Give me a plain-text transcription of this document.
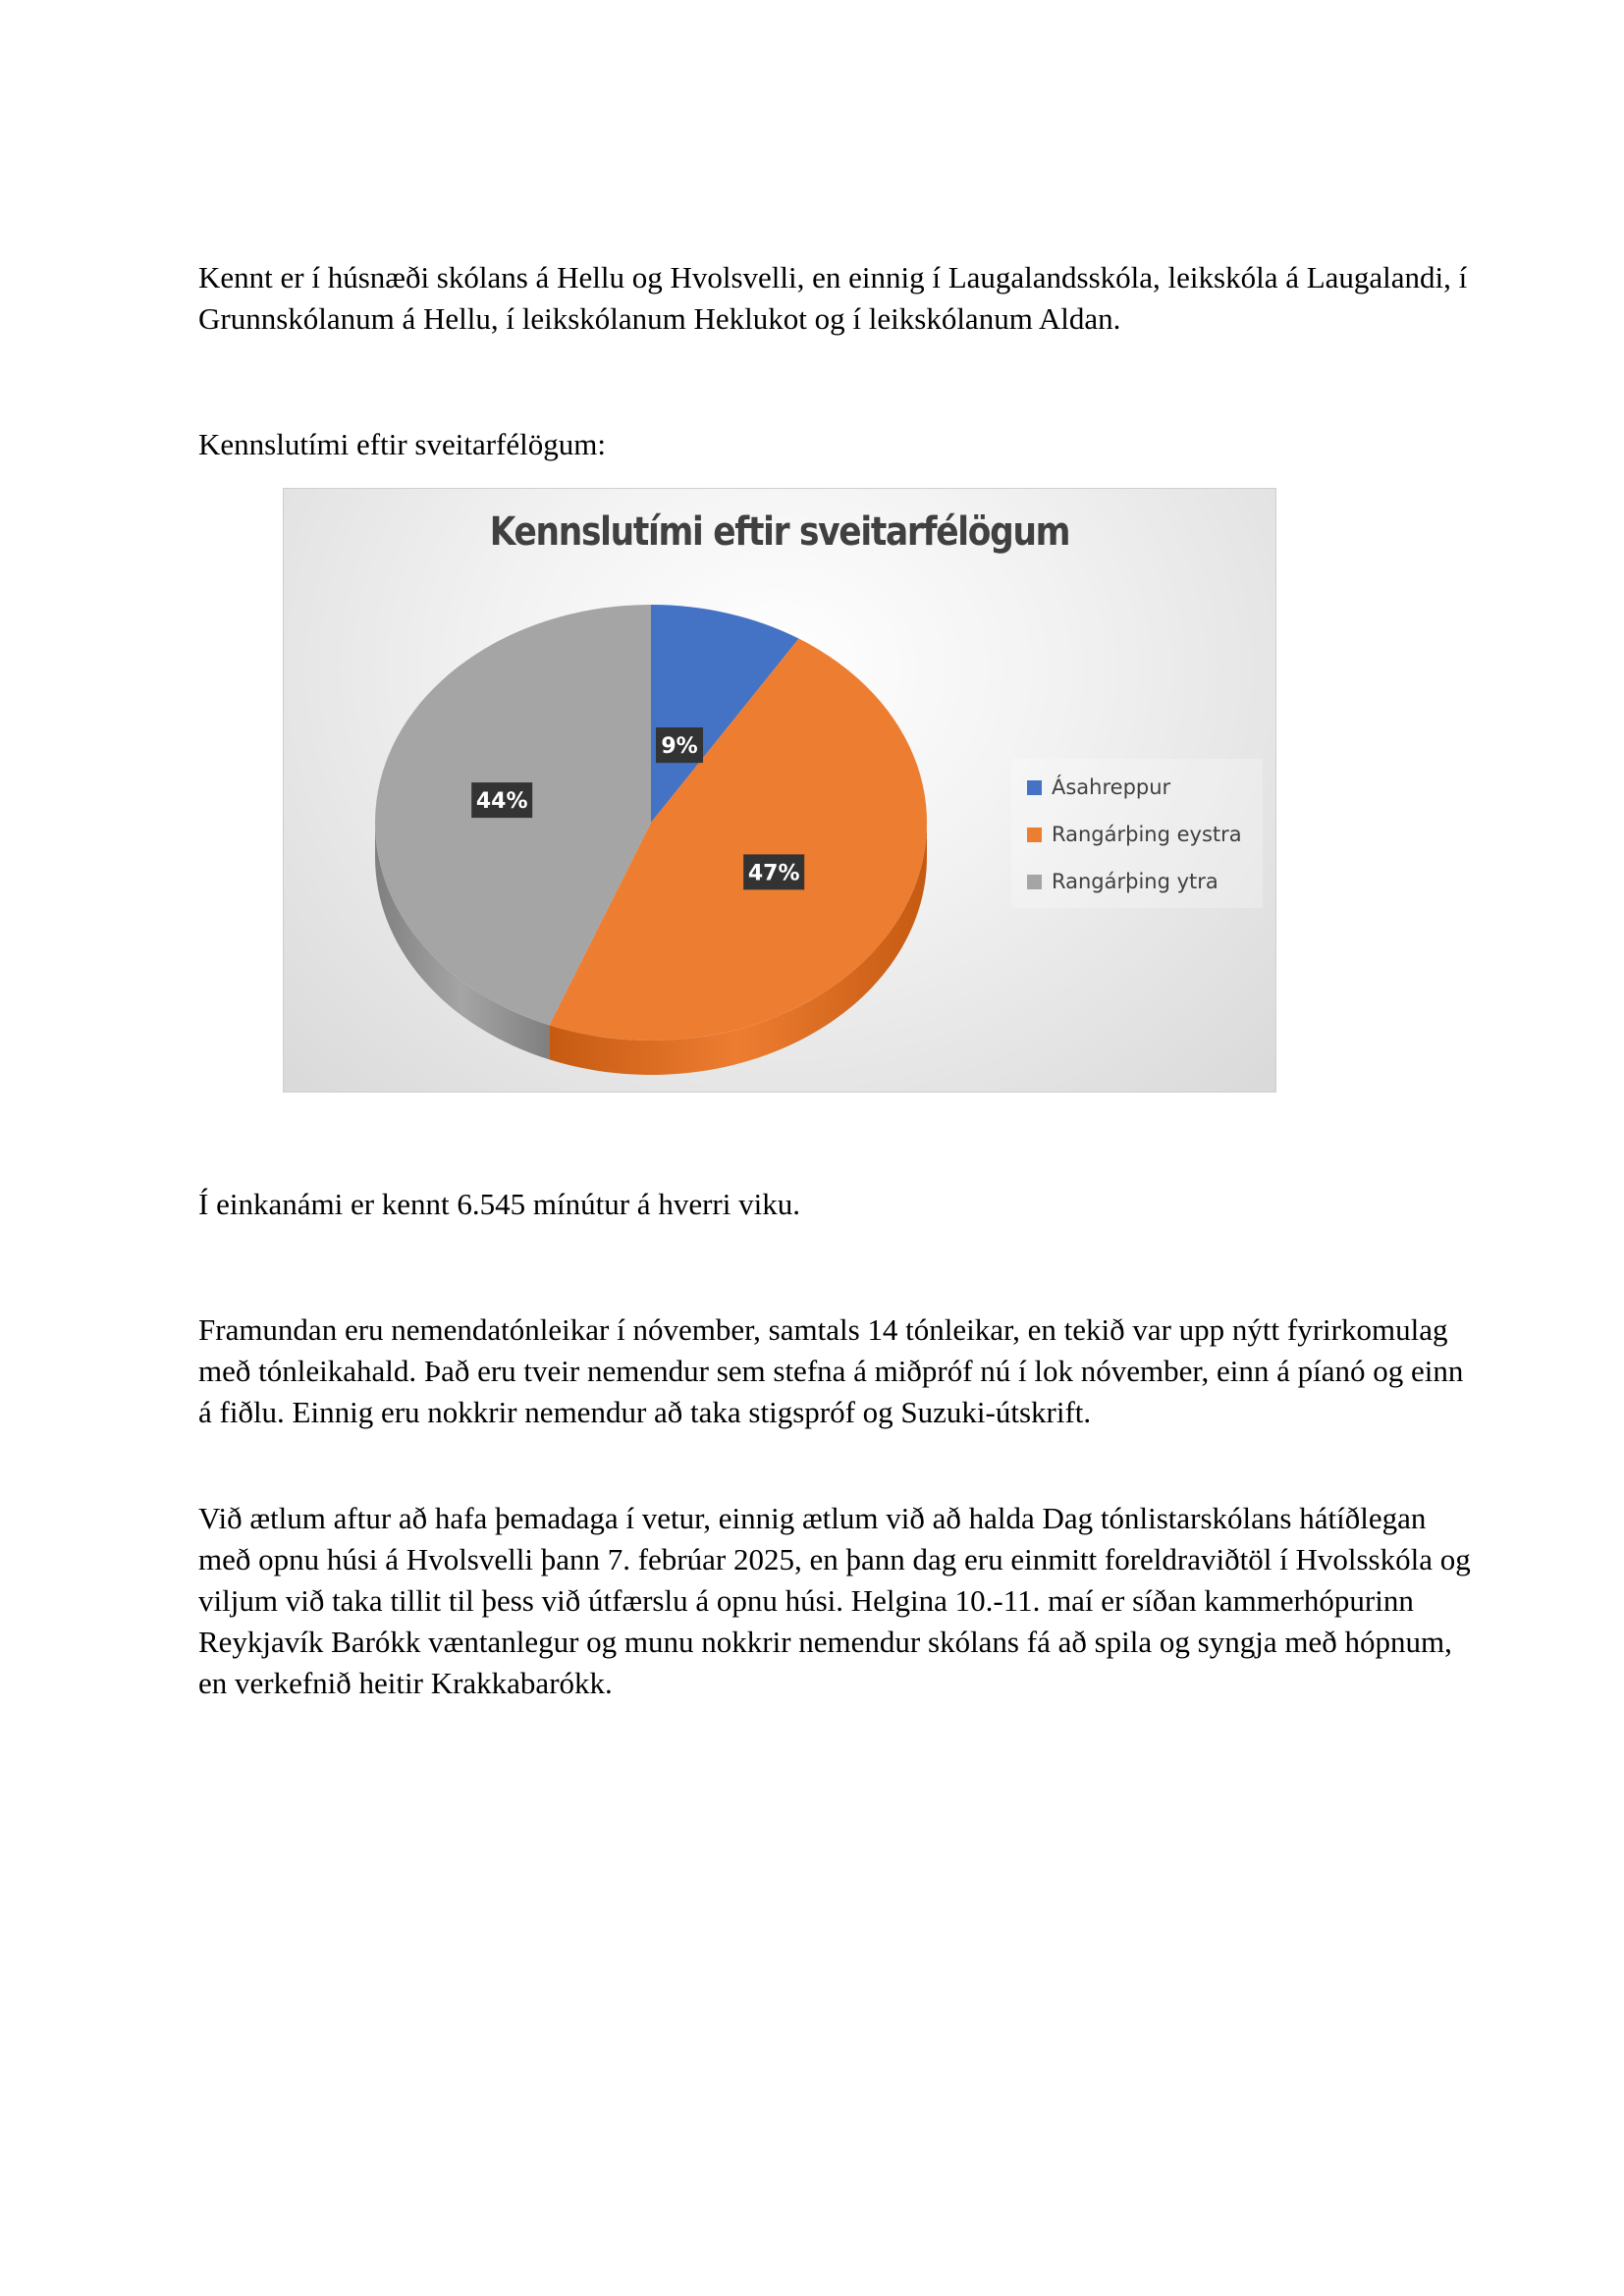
Kennt er í húsnæði skólans á Hellu og Hvolsvelli, en einnig í Laugalandsskóla, leikskóla á Laugalandi, í Grunnskólanum á Hellu, í leikskólanum Heklukot og í leikskólanum Aldan.

Kennslutími eftir sveitarfélögum:

Kennslutími eftir sveitarfélögum
9%
47%
44%
Ásahreppur
Rangárþing eystra
Rangárþing ytra

Í einkanámi er kennt 6.545 mínútur á hverri viku.

Framundan eru nemendatónleikar í nóvember, samtals 14 tónleikar, en tekið var upp nýtt fyrirkomulag með tónleikahald. Það eru tveir nemendur sem stefna á miðpróf nú í lok nóvember, einn á píanó og einn á fiðlu. Einnig eru nokkrir nemendur að taka stigspróf og Suzuki-útskrift.

Við ætlum aftur að hafa þemadaga í vetur, einnig ætlum við að halda Dag tónlistarskólans hátíðlegan með opnu húsi á Hvolsvelli þann 7. febrúar 2025, en þann dag eru einmitt foreldraviðtöl í Hvolsskóla og viljum við taka tillit til þess við útfærslu á opnu húsi. Helgina 10.-11. maí er síðan kammerhópurinn Reykjavík Barókk væntanlegur og munu nokkrir nemendur skólans fá að spila og syngja með hópnum, en verkefnið heitir Krakkabarókk.
